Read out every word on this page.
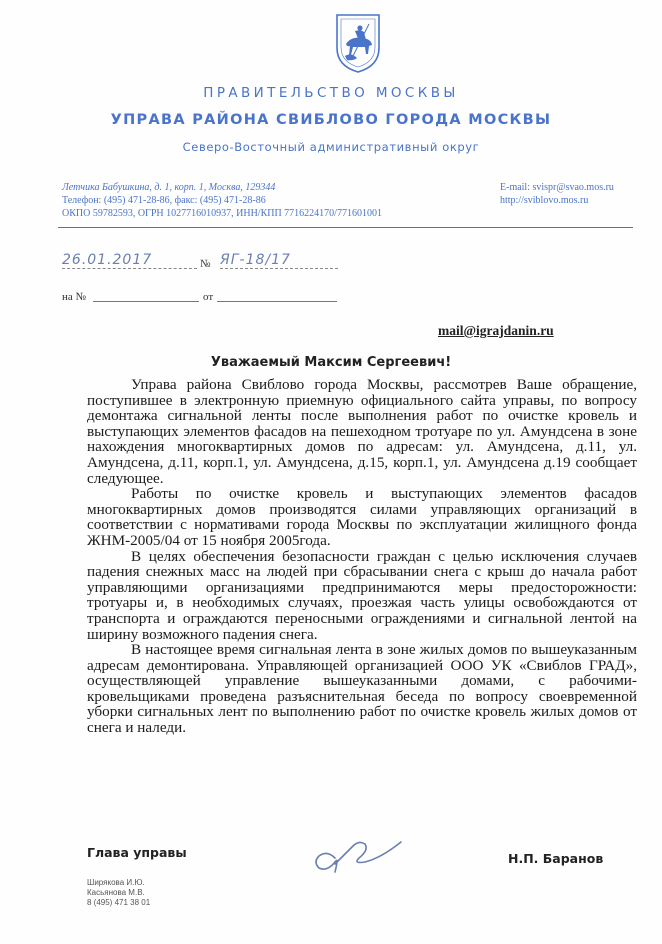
ПРАВИТЕЛЬСТВО МОСКВЫ
УПРАВА РАЙОНА СВИБЛОВО ГОРОДА МОСКВЫ
Северо-Восточный административный округ
Летчика Бабушкина, д. 1, корп. 1, Москва, 129344
Телефон: (495) 471-28-86, факс: (495) 471-28-86
ОКПО 59782593, ОГРН 1027716010937, ИНН/КПП 7716224170/771601001
E-mail: svispr@svao.mos.ru
http://sviblovo.mos.ru
26.01.2017	№ ЯГ-18/17
на №	от
mail@igrajdanin.ru
Уважаемый Максим Сергеевич!

Управа района Свиблово города Москвы, рассмотрев Ваше обращение, поступившее в электронную приемную официального сайта управы, по вопросу демонтажа сигнальной ленты после выполнения работ по очистке кровель и выступающих элементов фасадов на пешеходном тротуаре по ул. Амундсена в зоне нахождения многоквартирных домов по адресам: ул. Амундсена, д.11, ул. Амундсена, д.11, корп.1, ул. Амундсена, д.15, корп.1, ул. Амундсена д.19 сообщает следующее.

Работы по очистке кровель и выступающих элементов фасадов многоквартирных домов производятся силами управляющих организаций в соответствии с нормативами города Москвы по эксплуатации жилищного фонда ЖНМ-2005/04 от 15 ноября 2005года.

В целях обеспечения безопасности граждан с целью исключения случаев падения снежных масс на людей при сбрасывании снега с крыш до начала работ управляющими организациями предпринимаются меры предосторожности: тротуары и, в необходимых случаях, проезжая часть улицы освобождаются от транспорта и ограждаются переносными ограждениями и сигнальной лентой на ширину возможного падения снега.

В настоящее время сигнальная лента в зоне жилых домов по вышеуказанным адресам демонтирована. Управляющей организацией ООО УК «Свиблов ГРАД», осуществляющей управление вышеуказанными домами, с рабочими-кровельщиками проведена разъяснительная беседа по вопросу своевременной уборки сигнальных лент по выполнению работ по очистке кровель жилых домов от снега и наледи.

Глава управы	Н.П. Баранов
Ширякова И.Ю.
Касьянова М.В.
8 (495) 471 38 01
